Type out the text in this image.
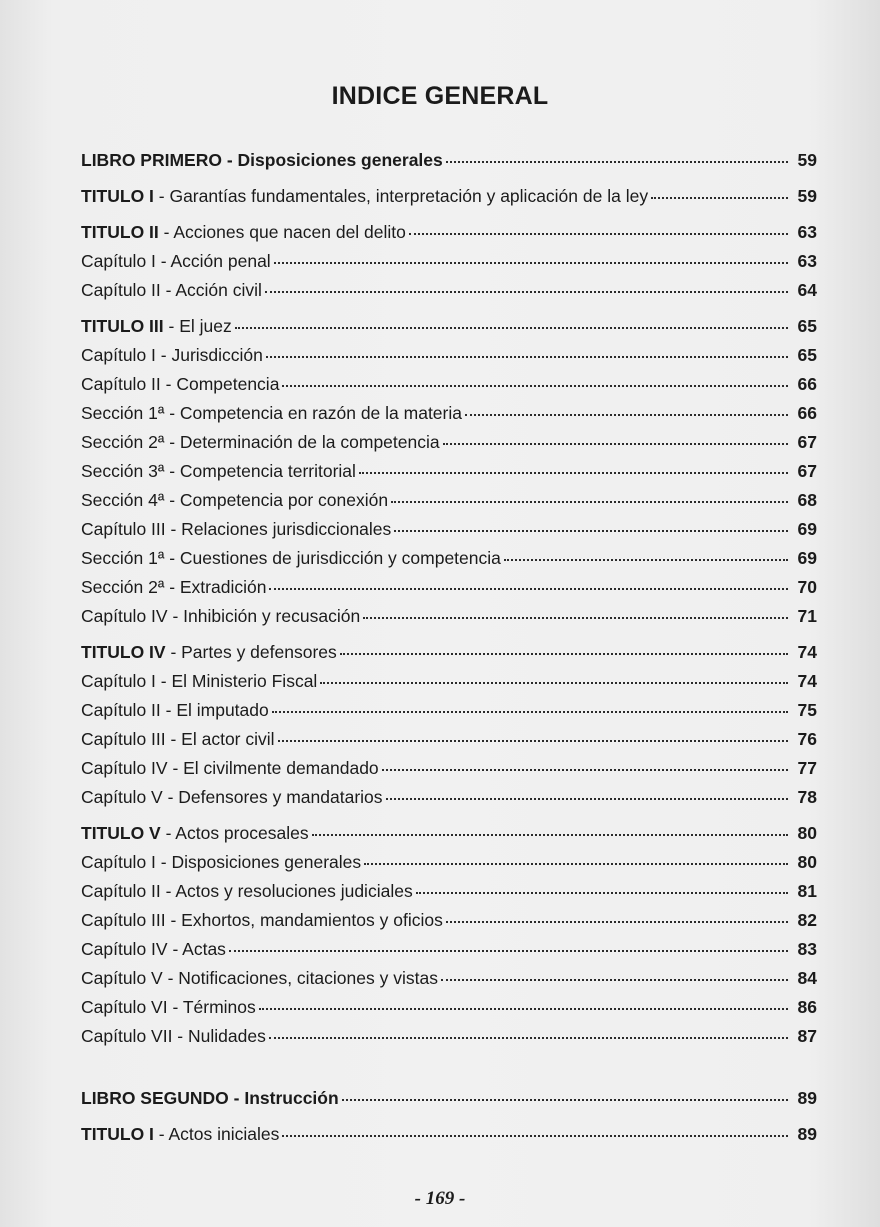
INDICE GENERAL
LIBRO PRIMERO - Disposiciones generales	59
TITULO I - Garantías fundamentales, interpretación y aplicación de la ley	59
TITULO II - Acciones que nacen del delito	63
Capítulo I - Acción penal	63
Capítulo II - Acción civil	64
TITULO III - El juez	65
Capítulo I - Jurisdicción	65
Capítulo II - Competencia	66
Sección 1ª - Competencia en razón de la materia	66
Sección 2ª - Determinación de la competencia	67
Sección 3ª - Competencia territorial	67
Sección 4ª - Competencia por conexión	68
Capítulo III - Relaciones jurisdiccionales	69
Sección 1ª - Cuestiones de jurisdicción y competencia	69
Sección 2ª - Extradición	70
Capítulo IV - Inhibición y recusación	71
TITULO IV - Partes y defensores	74
Capítulo I - El Ministerio Fiscal	74
Capítulo II - El imputado	75
Capítulo III - El actor civil	76
Capítulo IV - El civilmente demandado	77
Capítulo V - Defensores y mandatarios	78
TITULO V - Actos procesales	80
Capítulo I - Disposiciones generales	80
Capítulo II - Actos y resoluciones judiciales	81
Capítulo III - Exhortos, mandamientos y oficios	82
Capítulo IV - Actas	83
Capítulo V - Notificaciones, citaciones y vistas	84
Capítulo VI - Términos	86
Capítulo VII - Nulidades	87
LIBRO SEGUNDO - Instrucción	89
TITULO I - Actos iniciales	89
- 169 -
